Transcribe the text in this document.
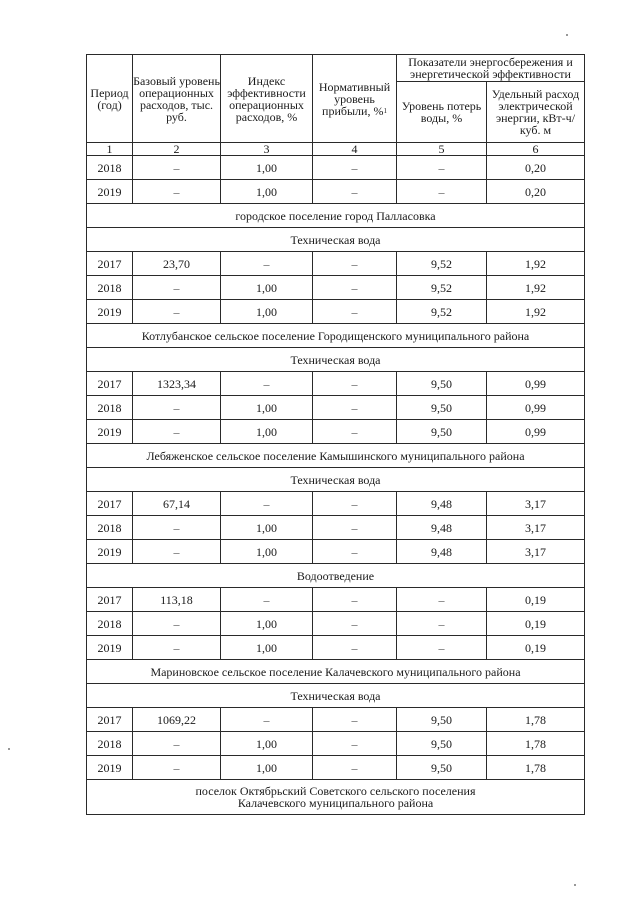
Период (год)	Базовый уровень операционных расходов, тыс. руб.	Индекс эффективности операционных расходов, %	Нормативный уровень прибыли, %$^1$	Показатели энергосбережения и энергетической эффективности	
				Уровень потерь воды, %	Удельный расход электрической энергии, кВт-ч/ куб. м
1	2	3	4	5	6
2018	–	1,00	–	–	0,20
2019	–	1,00	–	–	0,20
городское поселение город Палласовка					
Техническая вода					
2017	23,70	–	–	9,52	1,92
2018	–	1,00	–	9,52	1,92
2019	–	1,00	–	9,52	1,92
Котлубанское сельское поселение Городищенского муниципального района					
Техническая вода					
2017	1323,34	–	–	9,50	0,99
2018	–	1,00	–	9,50	0,99
2019	–	1,00	–	9,50	0,99
Лебяженское сельское поселение Камышинского муниципального района					
Техническая вода					
2017	67,14	–	–	9,48	3,17
2018	–	1,00	–	9,48	3,17
2019	–	1,00	–	9,48	3,17
Водоотведение					
2017	113,18	–	–	–	0,19
2018	–	1,00	–	–	0,19
2019	–	1,00	–	–	0,19
Мариновское сельское поселение Калачевского муниципального района					
Техническая вода					
2017	1069,22	–	–	9,50	1,78
2018	–	1,00	–	9,50	1,78
2019	–	1,00	–	9,50	1,78
поселок Октябрьский Советского сельского поселения
Калачевского муниципального района					
